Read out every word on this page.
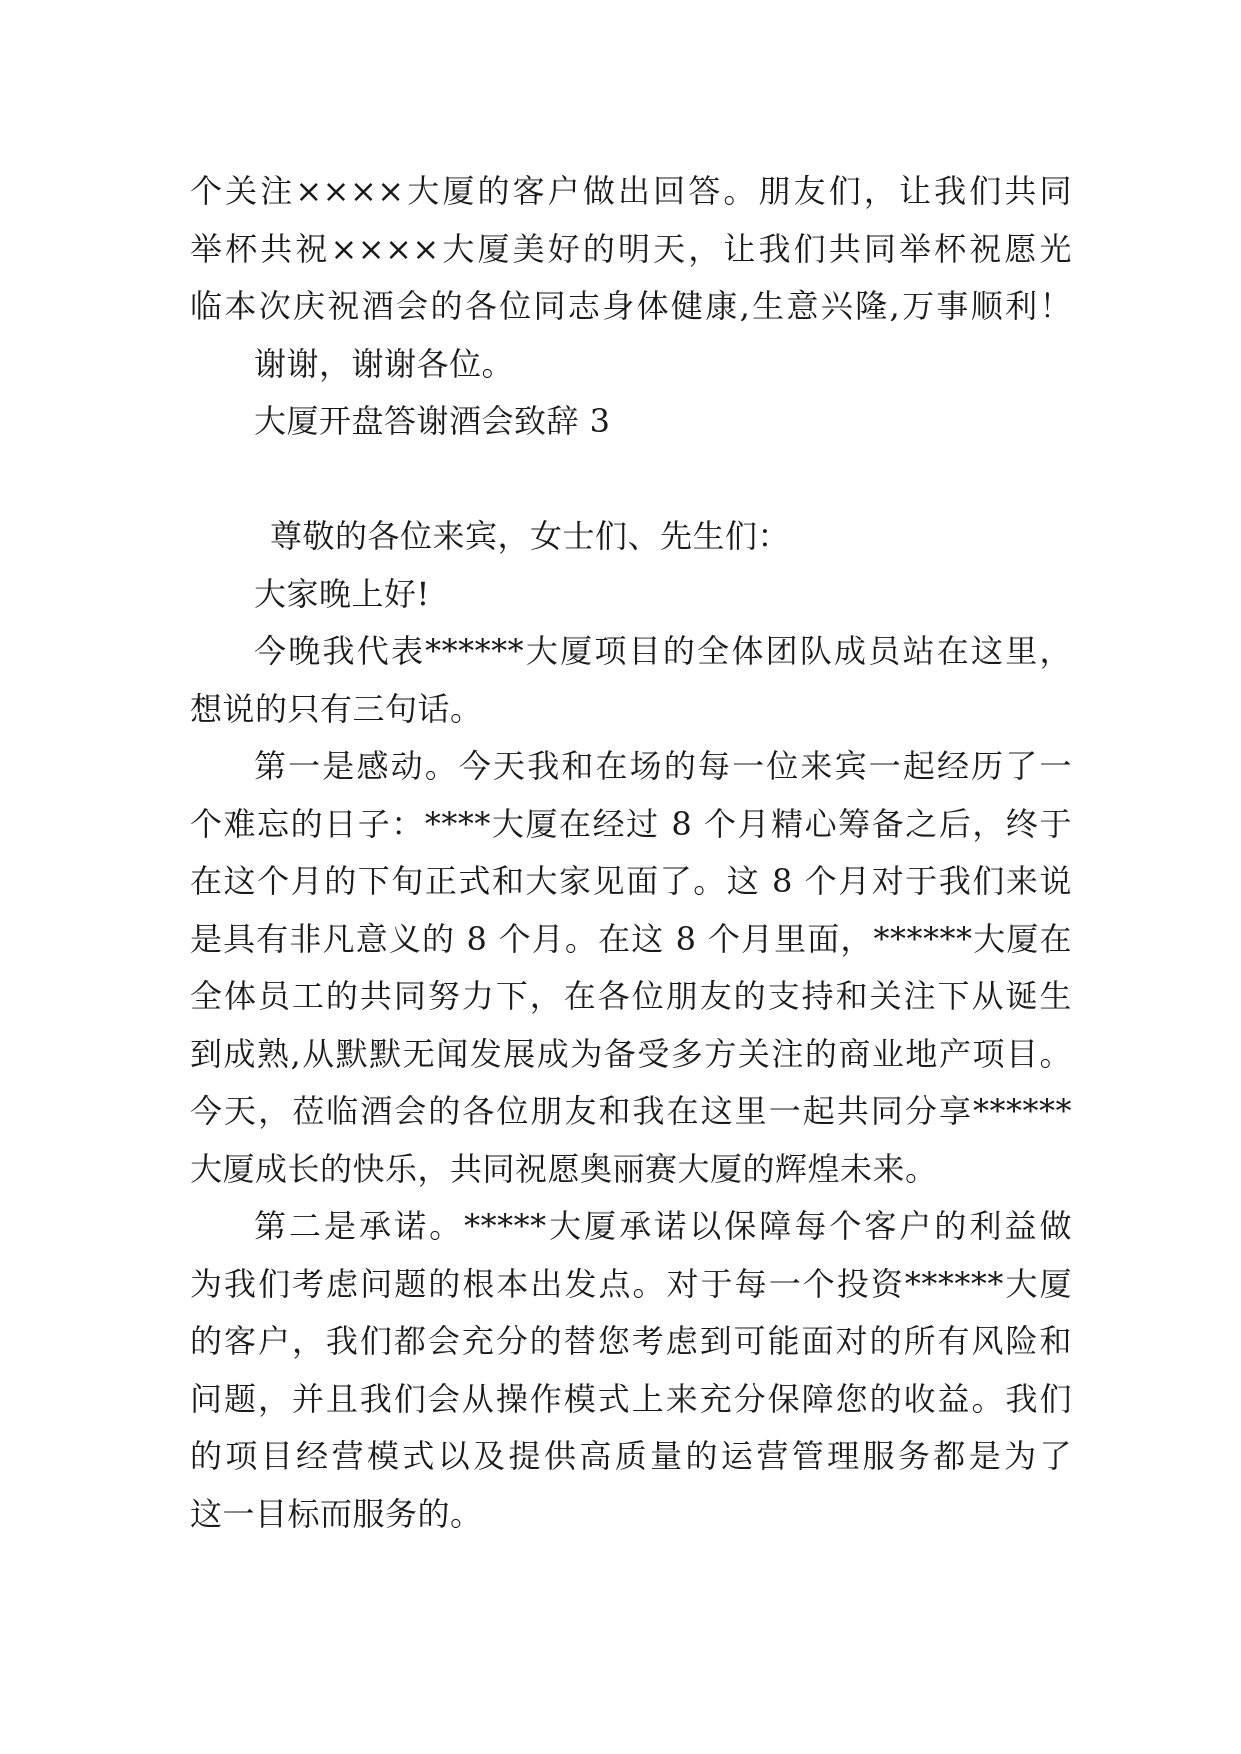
个关注××××大厦的客户做出回答。朋友们，让我们共同
举杯共祝××××大厦美好的明天，让我们共同举杯祝愿光
临本次庆祝酒会的各位同志身体健康,生意兴隆,万事顺利！
谢谢，谢谢各位。
大厦开盘答谢酒会致辞 3
尊敬的各位来宾，女士们、先生们：
大家晚上好!
今晚我代表******大厦项目的全体团队成员站在这里，
想说的只有三句话。
第一是感动。今天我和在场的每一位来宾一起经历了一
个难忘的日子：****大厦在经过 8 个月精心筹备之后，终于
在这个月的下旬正式和大家见面了。这 8 个月对于我们来说
是具有非凡意义的 8 个月。在这 8 个月里面，******大厦在
全体员工的共同努力下，在各位朋友的支持和关注下从诞生
到成熟,从默默无闻发展成为备受多方关注的商业地产项目。
今天，莅临酒会的各位朋友和我在这里一起共同分享******
大厦成长的快乐，共同祝愿奥丽赛大厦的辉煌未来。
第二是承诺。*****大厦承诺以保障每个客户的利益做
为我们考虑问题的根本出发点。对于每一个投资******大厦
的客户，我们都会充分的替您考虑到可能面对的所有风险和
问题，并且我们会从操作模式上来充分保障您的收益。我们
的项目经营模式以及提供高质量的运营管理服务都是为了
这一目标而服务的。
